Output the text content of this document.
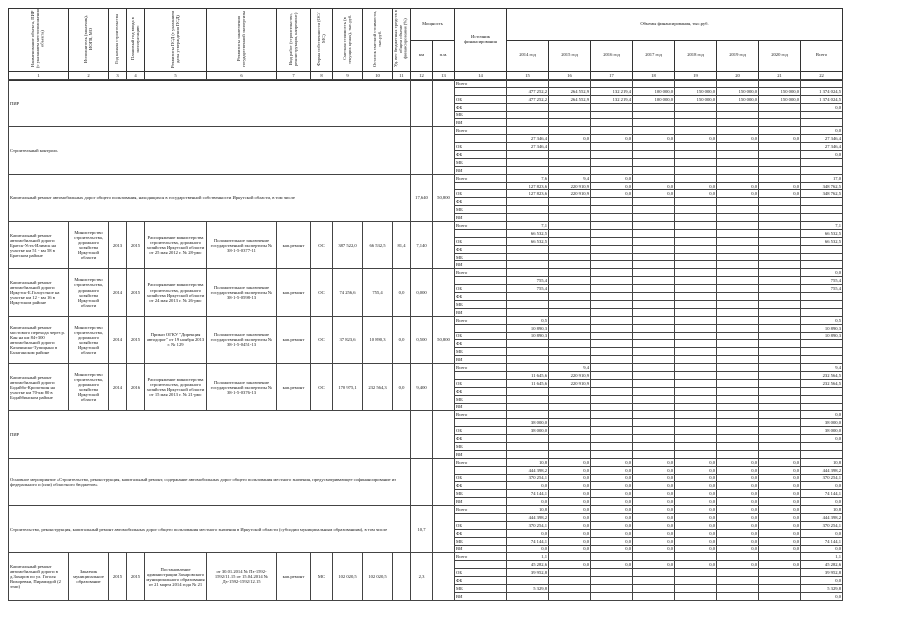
Наименование объекта, ПИР (с указанием местоположения объекта)	Исполнитель (заказчик), ИОГВ, МО	Год начала строительства	Плановый год ввода в эксплуатацию	Реквизиты ПСД (с указанием даты утверждения ПСД)	Реквизиты заключения государственной экспертизы	Вид работ (строительство, реконструкция, капремонт)	Форма собственности (ОС/МС)	Сметная стоимость (в текущих ценах), тыс.руб.	Остаток сметной стоимости, тыс.руб.	Уд. вес бюджетных средств в общем объеме финансирования (%)	Мощность		Источник финансирования	Объемы финансирования, тыс.руб.							
											км	п.м.		2014 год	2015 год	2016 год	2017 год	2018 год	2019 год	2020 год	Всего
1	2	3	4	5	6	7	8	9	10	11	12	13	14	15	16	17	18	19	20	21	22
ПИР													Всего								
														477 252,2	264 552,9	132 219,4	100 000,0	150 000,0	150 000,0	150 000,0	1 374 024,5
													ОБ	477 252,2	264 552,9	132 219,4	100 000,0	150 000,0	150 000,0	150 000,0	1 374 024,5
													ФБ								0,0
													МБ								
													ВИ								
Строительный контроль													Всего								0,0
														27 346,4	0,0	0,0	0,0	0,0	0,0	0,0	27 346,4
													ОБ	27 346,4							27 346,4
													ФБ								0,0
													МБ								
													ВИ								
Капитальный ремонт автомобильных дорог общего пользования, находящихся в государственной собственности Иркутской области, в том числе											17,640	50,800	Всего	7,6	9,4	0,0					17,0
														127 823,6	220 910,9	0,0	0,0	0,0	0,0	0,0	348 762,5
													ОБ	127 823,6	220 910,9	0,0	0,0	0,0	0,0	0,0	348 762,5
													ФБ								
													МБ								
													ВИ								
Капитальный ремонт автомобильной дороги Братск-Усть-Илимск на участке км 51 - км 58 в Братском районе	Министерство строительства, дорожного хозяйства Иркутской области	2013	2015	Распоряжение министерства строительства, дорожного хозяйства Иркутской области от 25 мая 2012 г. № 28-рмс	Положительное заключение государственной экспертизы № 38-1-5-0377-11	кап.ремонт	ОС	387 522,0	66 532,5	81,4	7,140		Всего	7,1							7,1
														66 532,5							66 532,5
													ОБ	66 532,5							66 532,5
													ФБ								
													МБ								
													ВИ								
Капитальный ремонт автомобильной дороги Иркутск-Б.Голоустное на участке км 12 - км 16 в Иркутском районе	Министерство строительства, дорожного хозяйства Иркутской области	2014	2015	Распоряжение министерства строительства, дорожного хозяйства Иркутской области от 24 мая 2013 г. № 26-рмс	Положительное заключение государственной экспертизы № 38-1-5-0598-13	кап.ремонт	ОС	74 256,6	755,4	0,0	0,000		Всего								0,0
														755,4							755,4
													ОБ	755,4							755,4
													ФБ								
													МБ								
													ВИ								
Капитальный ремонт мостового перехода через р. Кан на км 84+300 автомобильной дороги Казачинско-Тупицыно в Балаганском районе	Министерство строительства, дорожного хозяйства Иркутской области	2014	2015	Приказ ОГКУ "Дирекция автодорог" от 19 ноября 2013 г. № 129	Положительное заключение государственной экспертизы № 38-1-5-0451-13	кап.ремонт	ОС	37 823,6	10 890,3	0,0	0,500	50,800	Всего	0,5							0,5
														10 890,3							10 890,3
													ОБ	10 890,3							10 890,3
													ФБ								
													МБ								
													ВИ								
Капитальный ремонт автомобильной дороги Бодайбо-Кропоткин на участке км 70-км 80 в Бодайбинском районе	Министерство строительства, дорожного хозяйства Иркутской области	2014	2016	Распоряжение министерства строительства, дорожного хозяйства Иркутской области от 15 мая 2013 г. № 21-рмс	Положительное заключение государственной экспертизы № 38-1-5-0376-13	кап.ремонт	ОС	170 975,1	232 564,3	0,0	9,400		Всего		9,4						9,4
														11 645,6	220 910,9						232 564,5
													ОБ	11 645,6	220 910,9						232 564,5
													ФБ								
													МБ								
													ВИ								
ПИР													Всего								0,0
														38 000,0							38 000,0
													ОБ	38 000,0							38 000,0
													ФБ								0,0
													МБ								
													ВИ								
Основное мероприятие «Строительство, реконструкция, капитальный ремонт, содержание автомобильных дорог общего пользования местного значения, предусматривающее софинансирование из федерального и (или) областного бюджетов»													Всего	10,8	0,0	0,0	0,0	0,0	0,0	0,0	10,8
														444 398,2	0,0	0,0	0,0	0,0	0,0	0,0	444 398,2
													ОБ	370 254,1	0,0	0,0	0,0	0,0	0,0	0,0	370 254,1
													ФБ	0,0	0,0	0,0	0,0	0,0	0,0	0,0	0,0
													МБ	74 144,1	0,0	0,0	0,0	0,0	0,0	0,0	74 144,1
													ВИ	0,0	0,0	0,0	0,0	0,0	0,0	0,0	0,0
Строительство, реконструкция, капитальный ремонт автомобильных дорог общего пользования местного значения в Иркутской области (субсидии муниципальным образованиям), в том числе											10,7		Всего	10,8	0,0	0,0	0,0	0,0	0,0	0,0	10,8
														444 398,2	0,0	0,0	0,0	0,0	0,0	0,0	444 398,2
													ОБ	370 254,1	0,0	0,0	0,0	0,0	0,0	0,0	370 254,1
													ФБ	0,0	0,0	0,0	0,0	0,0	0,0	0,0	0,0
													МБ	74 144,1	0,0	0,0	0,0	0,0	0,0	0,0	74 144,1
													ВИ	0,0	0,0	0,0	0,0	0,0	0,0	0,0	0,0
Капитальный ремонт автомобильной дороги в д.Захаров по ул. Гоголя Вихоревки, Пирамидой (2 этап)	Заказчик муниципальное образование	2015	2015	Постановление администрации Захаровского муниципального образования от 21 марта 2014 года № 21	от 30.01.2014 № Пз-1592-1592/11.15 от 15.04.2014 № Дз-1592-1592/12.15	кап.ремонт	МС	102 020,5	102 020,5		2,3		Всего	1,1							1,1
														45 282,6	0,0	0,0	0,0	0,0	0,0	0,0	45 282,6
													ОБ	39 952,8							39 952,8
													ФБ								0,0
													МБ	5 329,8							5 329,8
													ВИ								0,0
